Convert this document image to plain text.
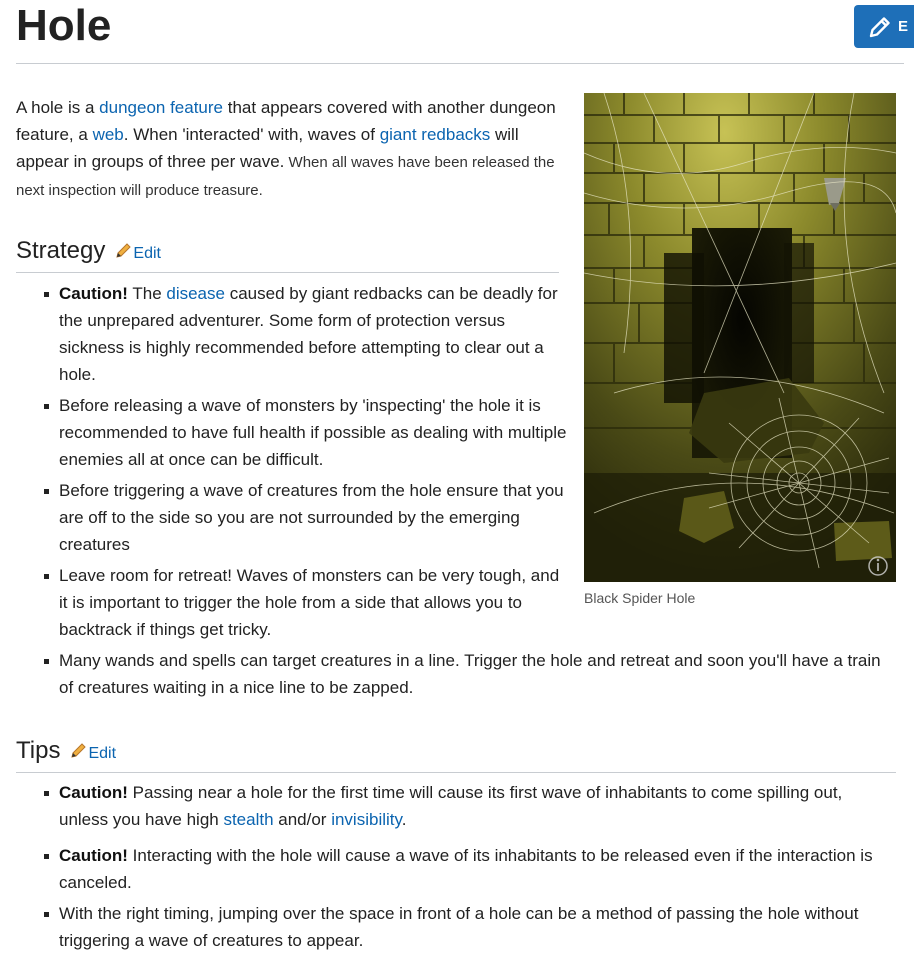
Hole	E

A hole is a dungeon feature that appears covered with another dungeon feature, a web. When 'interacted' with, waves of giant redbacks will appear in groups of three per wave. When all waves have been released the next inspection will produce treasure.

Black Spider Hole
Strategy Edit
Caution! The disease caused by giant redbacks can be deadly for the unprepared adventurer. Some form of protection versus sickness is highly recommended before attempting to clear out a hole.
Before releasing a wave of monsters by 'inspecting' the hole it is recommended to have full health if possible as dealing with multiple enemies all at once can be difficult.
Before triggering a wave of creatures from the hole ensure that you are off to the side so you are not surrounded by the emerging creatures
Leave room for retreat! Waves of monsters can be very tough, and it is important to trigger the hole from a side that allows you to backtrack if things get tricky.
Many wands and spells can target creatures in a line. Trigger the hole and retreat and soon you'll have a train of creatures waiting in a nice line to be zapped.
Tips Edit
Caution! Passing near a hole for the first time will cause its first wave of inhabitants to come spilling out, unless you have high stealth and/or invisibility.
Caution! Interacting with the hole will cause a wave of its inhabitants to be released even if the interaction is canceled.
With the right timing, jumping over the space in front of a hole can be a method of passing the hole without triggering a wave of creatures to appear.
